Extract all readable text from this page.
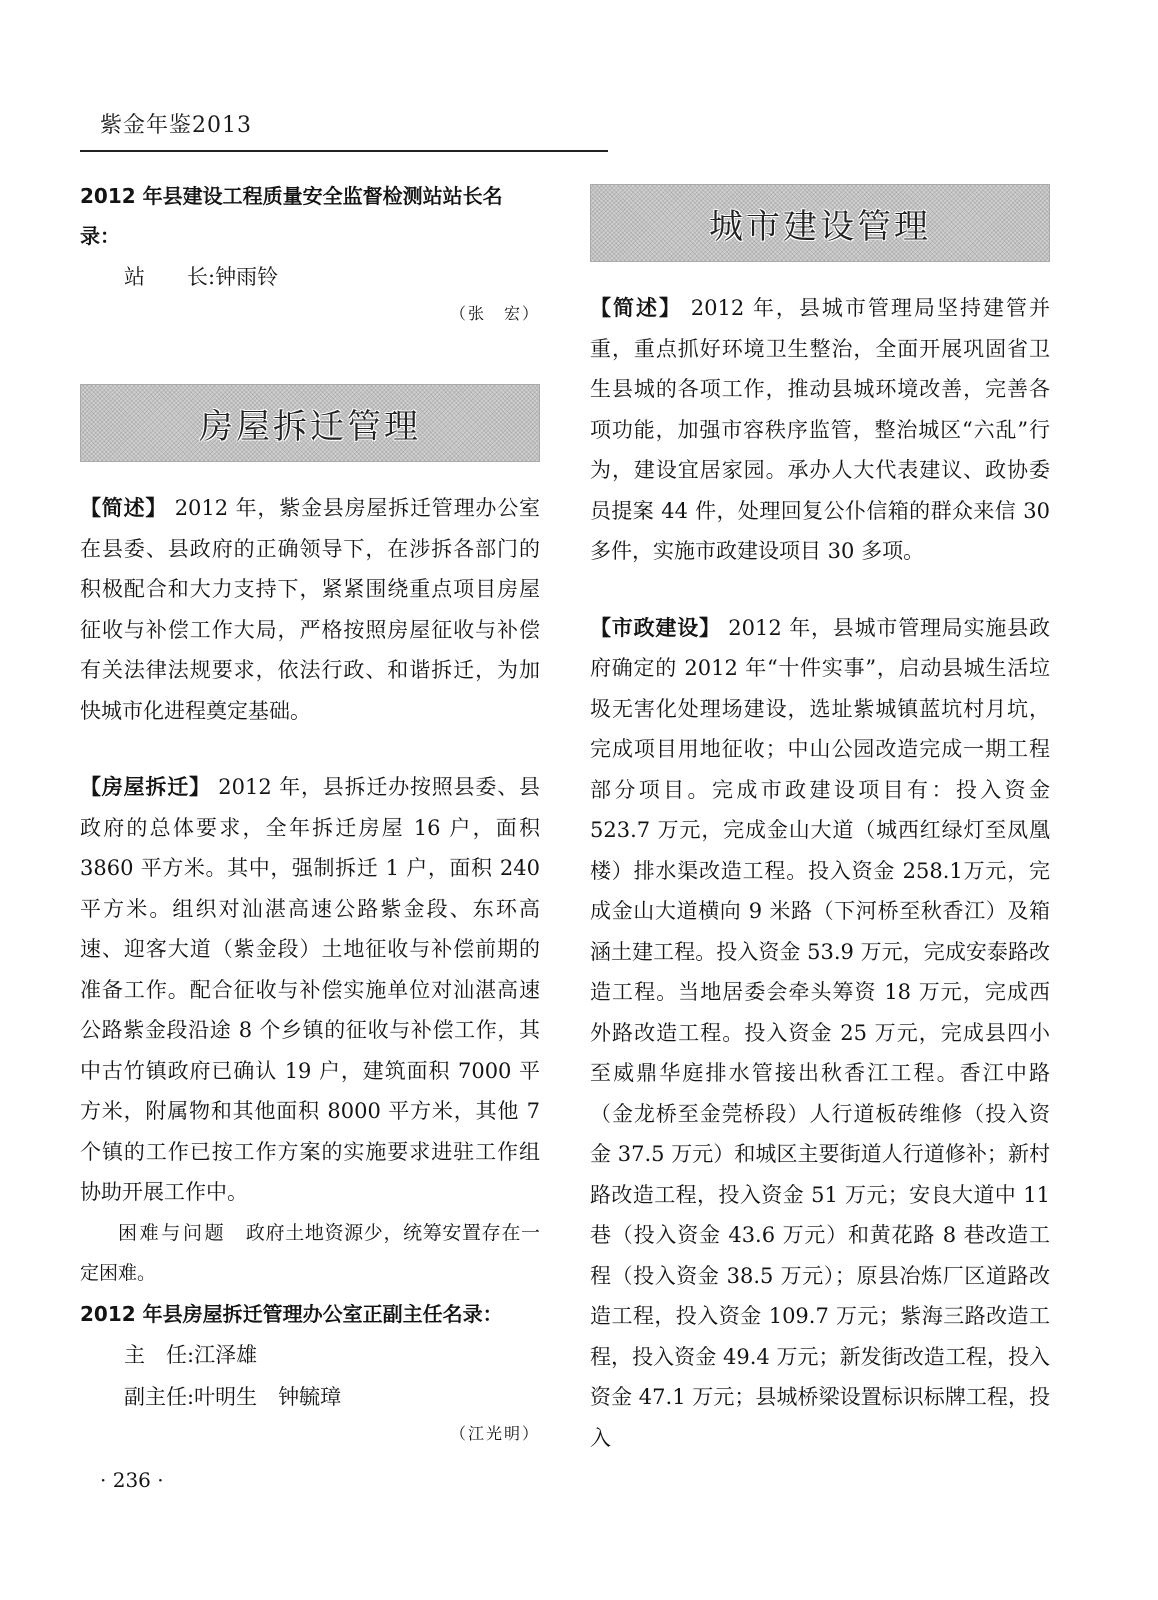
紫金年鉴2013

2012 年县建设工程质量安全监督检测站站长名录：

站　　长:钟雨铃

（张　宏）

房屋拆迁管理

【简述】 2012 年，紫金县房屋拆迁管理办公室在县委、县政府的正确领导下，在涉拆各部门的积极配合和大力支持下，紧紧围绕重点项目房屋征收与补偿工作大局，严格按照房屋征收与补偿有关法律法规要求，依法行政、和谐拆迁，为加快城市化进程奠定基础。

【房屋拆迁】 2012 年，县拆迁办按照县委、县政府的总体要求，全年拆迁房屋 16 户，面积 3860 平方米。其中，强制拆迁 1 户，面积 240 平方米。组织对汕湛高速公路紫金段、东环高速、迎客大道（紫金段）土地征收与补偿前期的准备工作。配合征收与补偿实施单位对汕湛高速公路紫金段沿途 8 个乡镇的征收与补偿工作，其中古竹镇政府已确认 19 户，建筑面积 7000 平方米，附属物和其他面积 8000 平方米，其他 7 个镇的工作已按工作方案的实施要求进驻工作组协助开展工作中。

困难与问题　 政府土地资源少，统筹安置存在一定困难。

2012 年县房屋拆迁管理办公室正副主任名录：

主　任:江泽雄

副主任:叶明生　钟毓璋

（江光明）

城市建设管理

【简述】 2012 年，县城市管理局坚持建管并重，重点抓好环境卫生整治，全面开展巩固省卫生县城的各项工作，推动县城环境改善，完善各项功能，加强市容秩序监管，整治城区“六乱”行为，建设宜居家园。承办人大代表建议、政协委员提案 44 件，处理回复公仆信箱的群众来信 30 多件，实施市政建设项目 30 多项。

【市政建设】 2012 年，县城市管理局实施县政府确定的 2012 年“十件实事”，启动县城生活垃圾无害化处理场建设，选址紫城镇蓝坑村月坑，完成项目用地征收；中山公园改造完成一期工程部分项目。完成市政建设项目有：投入资金 523.7 万元，完成金山大道（城西红绿灯至凤凰楼）排水渠改造工程。投入资金 258.1万元，完成金山大道横向 9 米路（下河桥至秋香江）及箱涵土建工程。投入资金 53.9 万元，完成安泰路改造工程。当地居委会牵头筹资 18 万元，完成西外路改造工程。投入资金 25 万元，完成县四小至威鼎华庭排水管接出秋香江工程。香江中路（金龙桥至金莞桥段）人行道板砖维修（投入资金 37.5 万元）和城区主要街道人行道修补；新村路改造工程，投入资金 51 万元；安良大道中 11 巷（投入资金 43.6 万元）和黄花路 8 巷改造工程（投入资金 38.5 万元）；原县冶炼厂区道路改造工程，投入资金 109.7 万元；紫海三路改造工程，投入资金 49.4 万元；新发街改造工程，投入资金 47.1 万元；县城桥梁设置标识标牌工程，投入

· 236 ·
